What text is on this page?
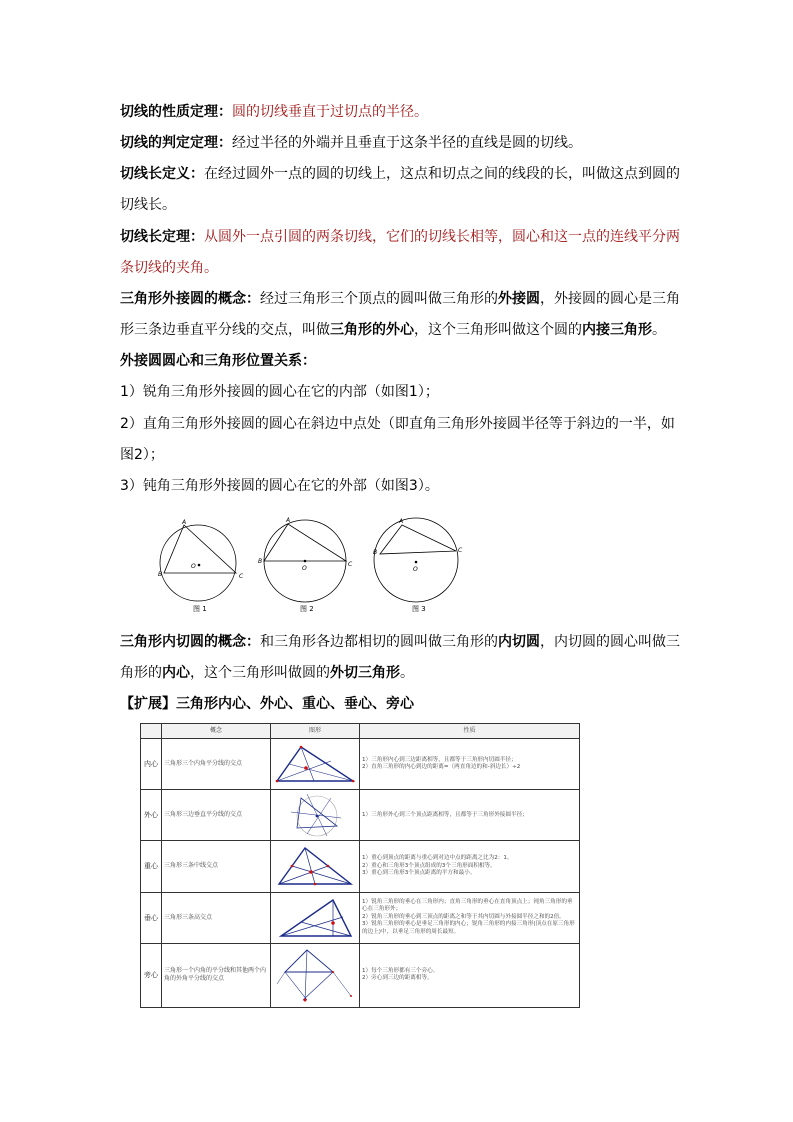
切线的性质定理：圆的切线垂直于过切点的半径。
切线的判定定理：经过半径的外端并且垂直于这条半径的直线是圆的切线。
切线长定义：在经过圆外一点的圆的切线上，这点和切点之间的线段的长，叫做这点到圆的
切线长。
切线长定理：从圆外一点引圆的两条切线，它们的切线长相等，圆心和这一点的连线平分两
条切线的夹角。
三角形外接圆的概念：经过三角形三个顶点的圆叫做三角形的外接圆，外接圆的圆心是三角
形三条边垂直平分线的交点，叫做三角形的外心，这个三角形叫做这个圆的内接三角形。
外接圆圆心和三角形位置关系：
1）锐角三角形外接圆的圆心在它的内部（如图1）；
2）直角三角形外接圆的圆心在斜边中点处（即直角三角形外接圆半径等于斜边的一半，如
图2）；
3）钝角三角形外接圆的圆心在它的外部（如图3）。
A
B	C
O
图 1
A
B	C
O
图 2
A
B	C
O
图 3
三角形内切圆的概念：和三角形各边都相切的圆叫做三角形的内切圆，内切圆的圆心叫做三
角形的内心，这个三角形叫做圆的外切三角形。
【扩展】三角形内心、外心、重心、垂心、旁心
	概念	图形	性质
内心	三角形三个内角平分线的交点		1）三角形内心到三边距离相等，且都等于三角形内切圆半径；
2）直角三角形的内心到边的距离=（两直角边的和-斜边长）÷2

外心	三角形三边垂直平分线的交点		1）三角形外心到三个顶点距离相等，且都等于三角形外接圆半径；

重心	三角形三条中线交点		1）重心到顶点的距离与重心到对边中点的距离之比为2：1。
2）重心和三角形3个顶点组成的3个三角形面积相等。
3）重心到三角形3个顶点距离的平方和最小。

垂心	三角形三条高交点		1）锐角三角形的垂心在三角形内；直角三角形的垂心在直角顶点上；钝角三角形的垂心在三角形外；
2）锐角三角形的垂心到三顶点的距离之和等于其内切圆与外接圆半径之和的2倍。
3）锐角三角形的垂心是垂足三角形的内心；锐角三角形的内接三角形(顶点在原三角形的边上)中，以垂足三角形的周长最短。

旁心	三角形一个内角的平分线和其他两个内角的外角平分线的交点		1）每个三角形都有三个旁心。
2）旁心到三边的距离相等。
